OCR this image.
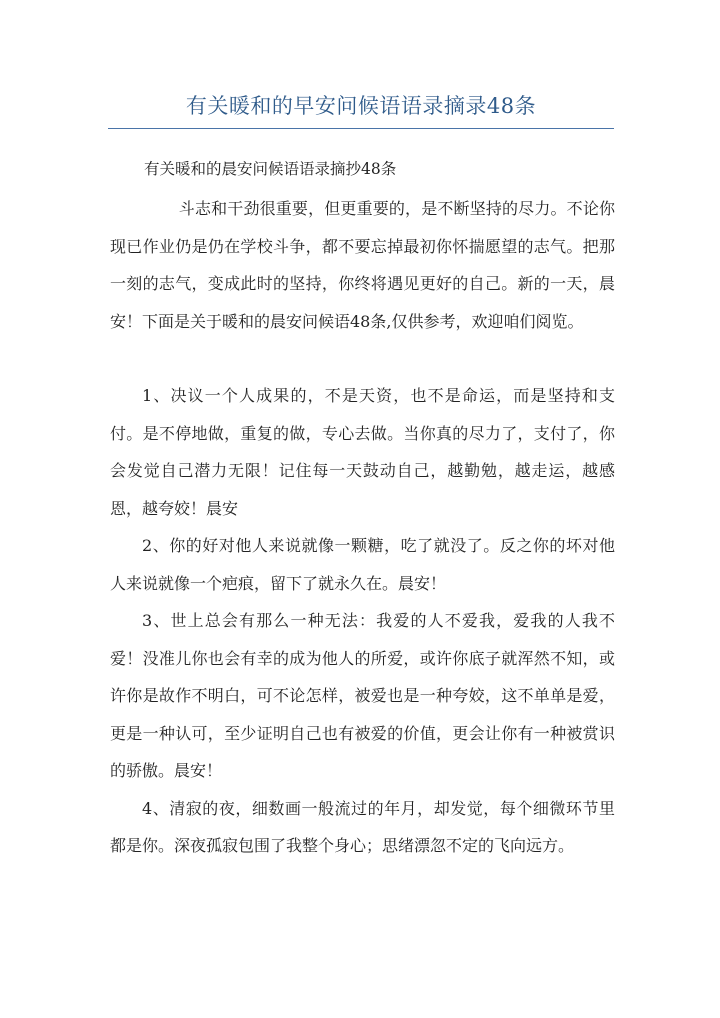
有关暖和的早安问候语语录摘录48条
有关暖和的晨安问候语语录摘抄48条

斗志和干劲很重要，但更重要的，是不断坚持的尽力。不论你现已作业仍是仍在学校斗争，都不要忘掉最初你怀揣愿望的志气。把那一刻的志气，变成此时的坚持，你终将遇见更好的自己。新的一天，晨安！下面是关于暖和的晨安问候语48条,仅供参考，欢迎咱们阅览。

1、决议一个人成果的，不是天资，也不是命运，而是坚持和支付。是不停地做，重复的做，专心去做。当你真的尽力了，支付了，你会发觉自己潜力无限！记住每一天鼓动自己，越勤勉，越走运，越感恩，越夸姣！晨安

2、你的好对他人来说就像一颗糖，吃了就没了。反之你的坏对他人来说就像一个疤痕，留下了就永久在。晨安！

3、世上总会有那么一种无法：我爱的人不爱我，爱我的人我不爱！没准儿你也会有幸的成为他人的所爱，或许你底子就浑然不知，或许你是故作不明白，可不论怎样，被爱也是一种夸姣，这不单单是爱，更是一种认可，至少证明自己也有被爱的价值，更会让你有一种被赏识的骄傲。晨安！

4、清寂的夜，细数画一般流过的年月，却发觉，每个细微环节里都是你。深夜孤寂包围了我整个身心；思绪漂忽不定的飞向远方。
